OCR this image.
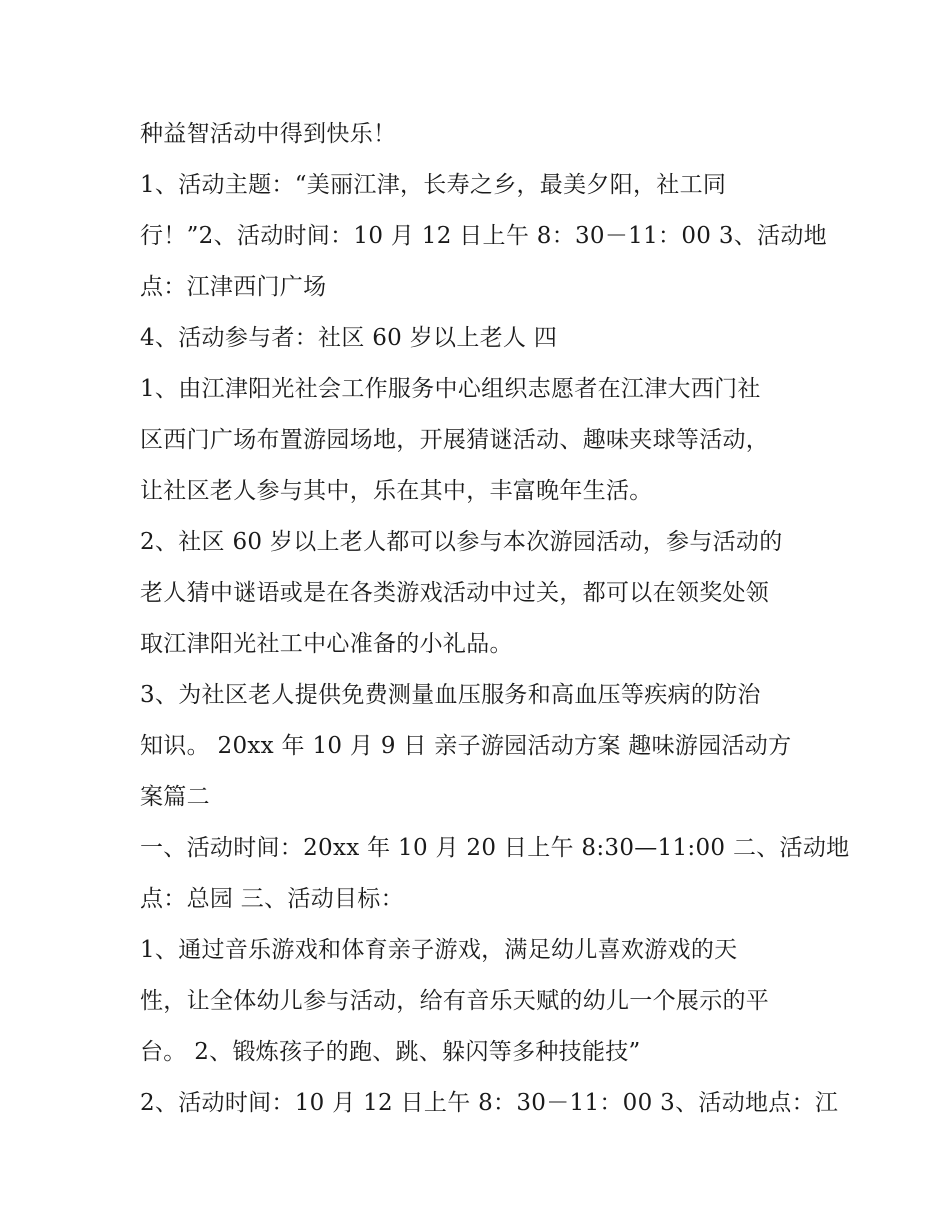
种益智活动中得到快乐！
1、活动主题：“美丽江津，长寿之乡，最美夕阳，社工同
行！”2、活动时间：10 月 12 日上午 8：30－11：00 3、活动地
点：江津西门广场
4、活动参与者：社区 60 岁以上老人 四
1、由江津阳光社会工作服务中心组织志愿者在江津大西门社
区西门广场布置游园场地，开展猜谜活动、趣味夹球等活动，
让社区老人参与其中，乐在其中，丰富晚年生活。
2、社区 60 岁以上老人都可以参与本次游园活动，参与活动的
老人猜中谜语或是在各类游戏活动中过关，都可以在领奖处领
取江津阳光社工中心准备的小礼品。
3、为社区老人提供免费测量血压服务和高血压等疾病的防治
知识。 20xx 年 10 月 9 日 亲子游园活动方案 趣味游园活动方
案篇二
一、活动时间：20xx 年 10 月 20 日上午 8:30—11:00 二、活动地
点：总园 三、活动目标：
1、通过音乐游戏和体育亲子游戏，满足幼儿喜欢游戏的天
性，让全体幼儿参与活动，给有音乐天赋的幼儿一个展示的平
台。 2、锻炼孩子的跑、跳、躲闪等多种技能技”
2、活动时间：10 月 12 日上午 8：30－11：00 3、活动地点：江
